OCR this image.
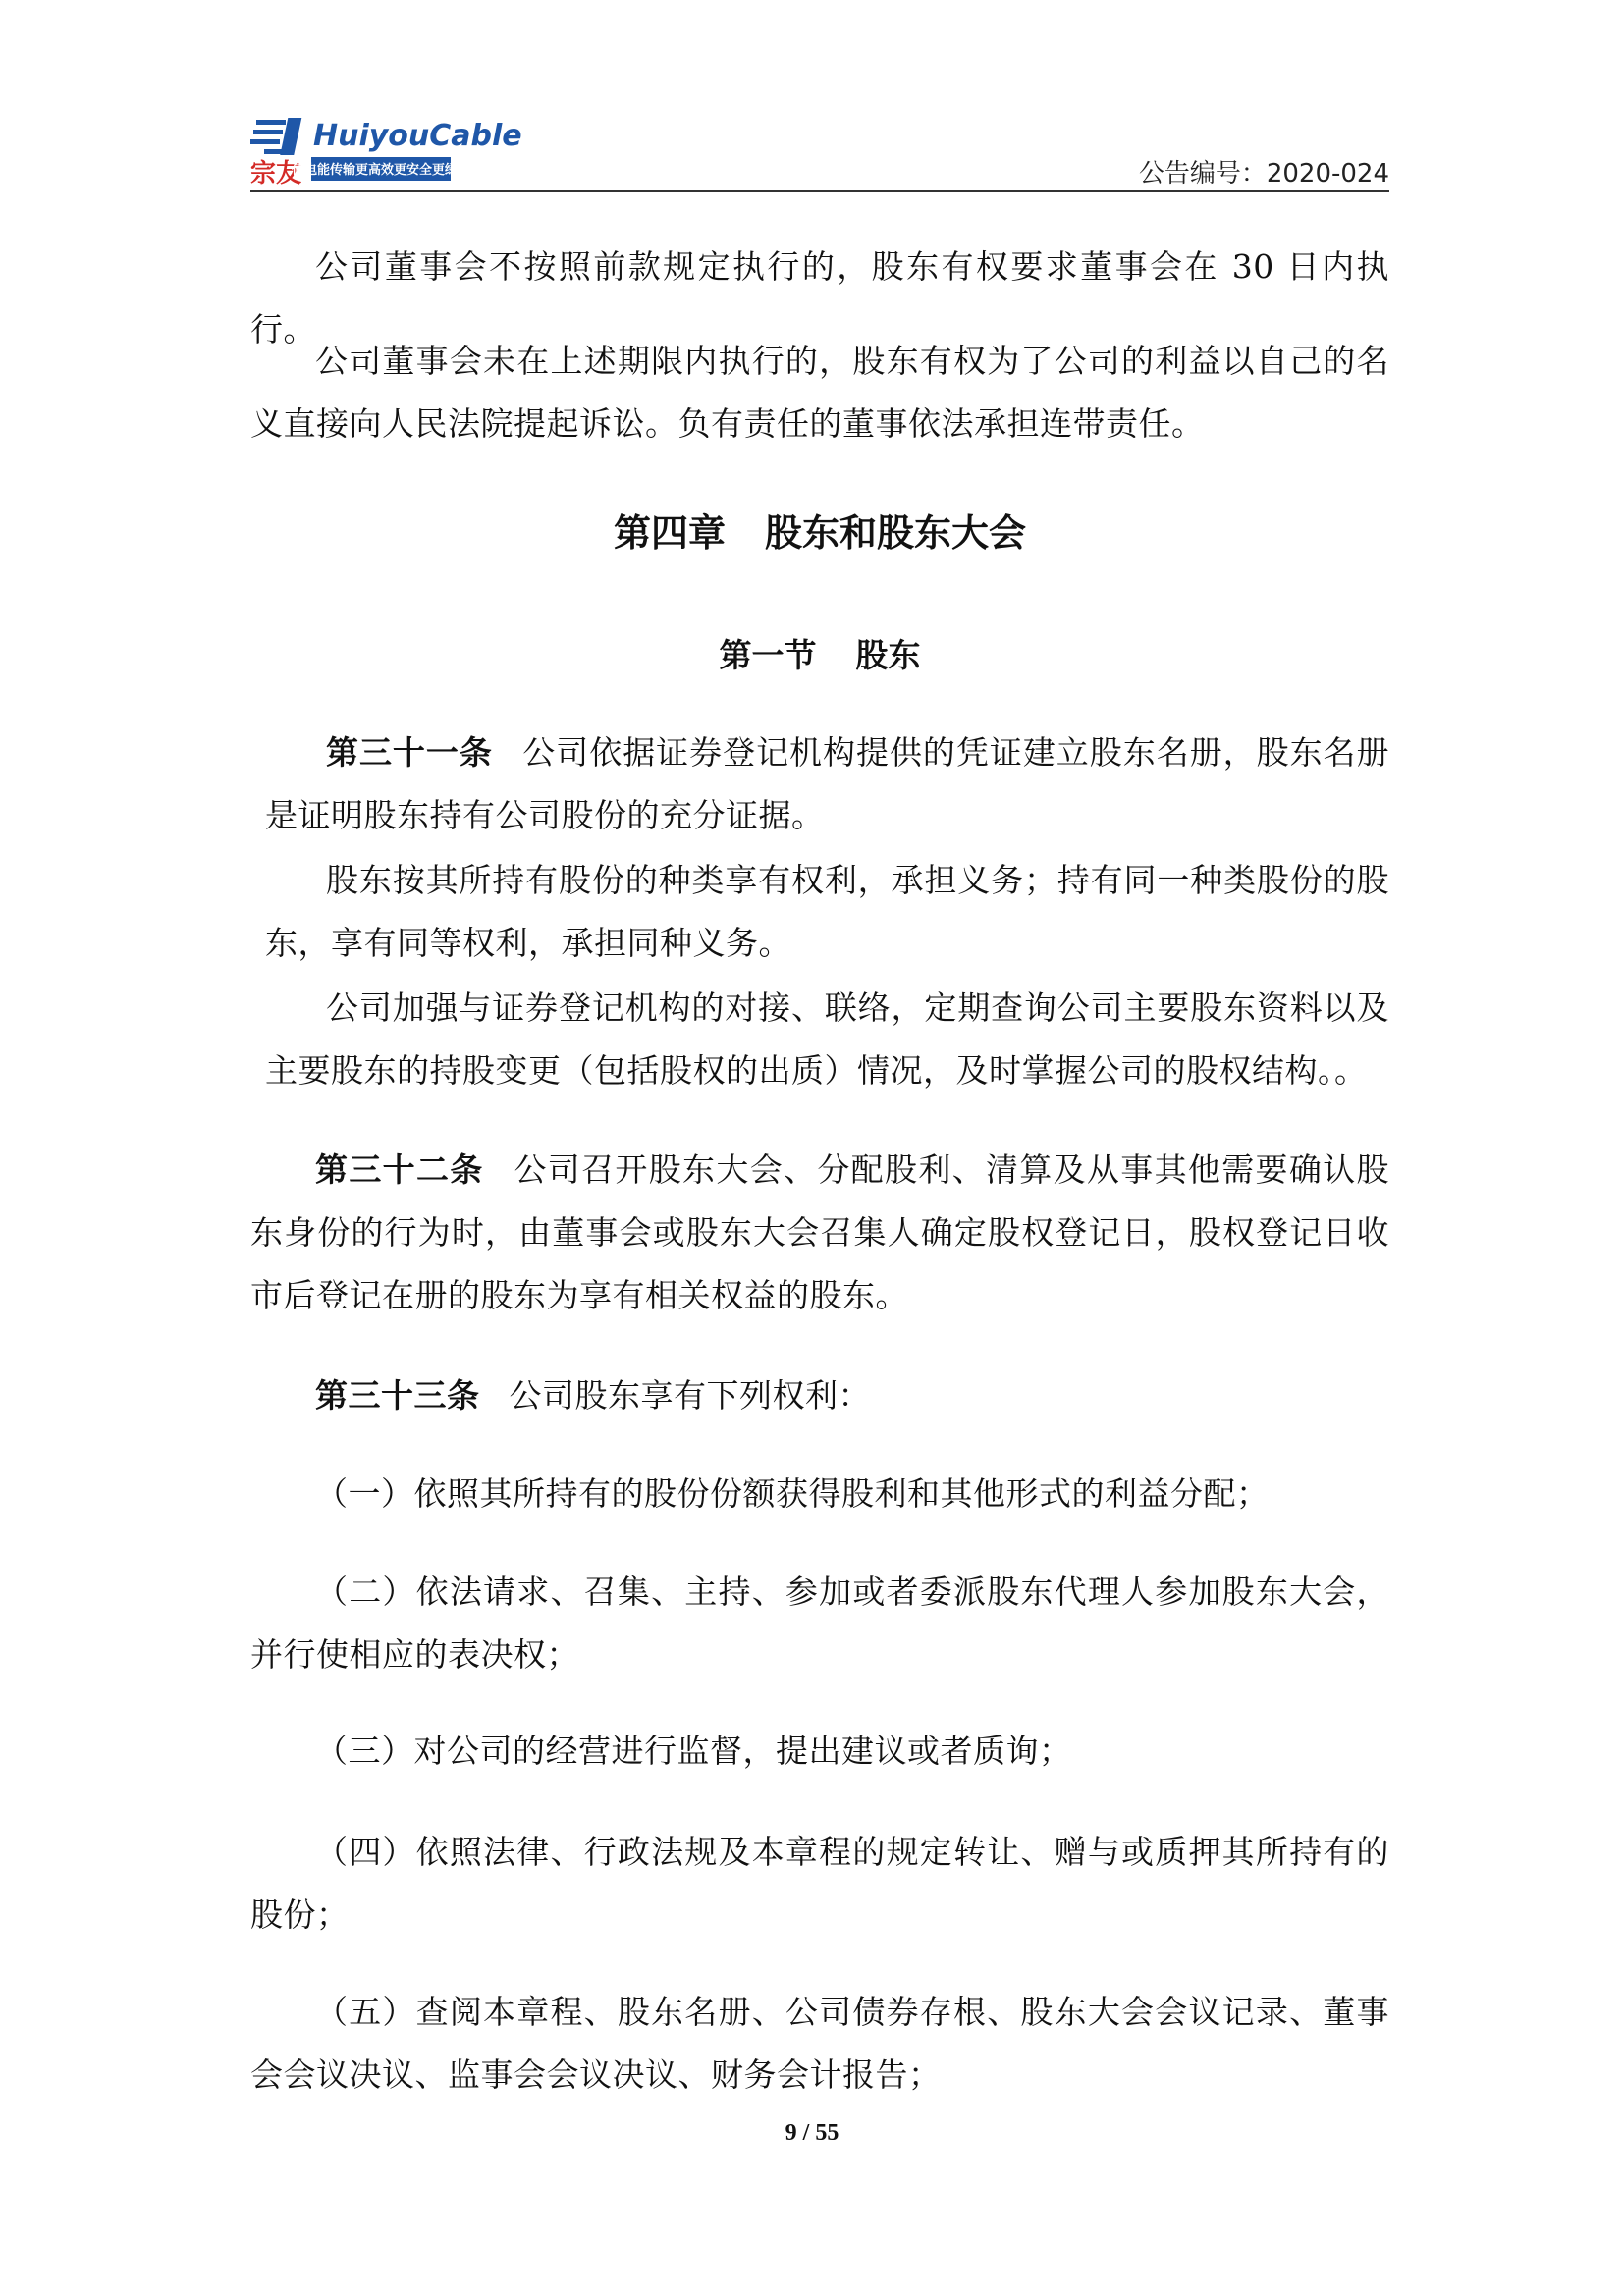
宗友
HuiyouCable
使电能传输更高效更安全更绿色	公告编号：2020-024

公司董事会不按照前款规定执行的，股东有权要求董事会在 30 日内执行。

公司董事会未在上述期限内执行的，股东有权为了公司的利益以自己的名义直接向人民法院提起诉讼。负有责任的董事依法承担连带责任。

第四章 股东和股东大会
第一节 股东

第三十一条 公司依据证券登记机构提供的凭证建立股东名册，股东名册是证明股东持有公司股份的充分证据。

股东按其所持有股份的种类享有权利，承担义务；持有同一种类股份的股东，享有同等权利，承担同种义务。

公司加强与证券登记机构的对接、联络，定期查询公司主要股东资料以及主要股东的持股变更（包括股权的出质）情况，及时掌握公司的股权结构。。

第三十二条 公司召开股东大会、分配股利、清算及从事其他需要确认股东身份的行为时，由董事会或股东大会召集人确定股权登记日，股权登记日收市后登记在册的股东为享有相关权益的股东。

第三十三条 公司股东享有下列权利：

（一）依照其所持有的股份份额获得股利和其他形式的利益分配；

（二）依法请求、召集、主持、参加或者委派股东代理人参加股东大会，并行使相应的表决权；

（三）对公司的经营进行监督，提出建议或者质询；

（四）依照法律、行政法规及本章程的规定转让、赠与或质押其所持有的股份；

（五）查阅本章程、股东名册、公司债券存根、股东大会会议记录、董事会会议决议、监事会会议决议、财务会计报告；

9 / 55
